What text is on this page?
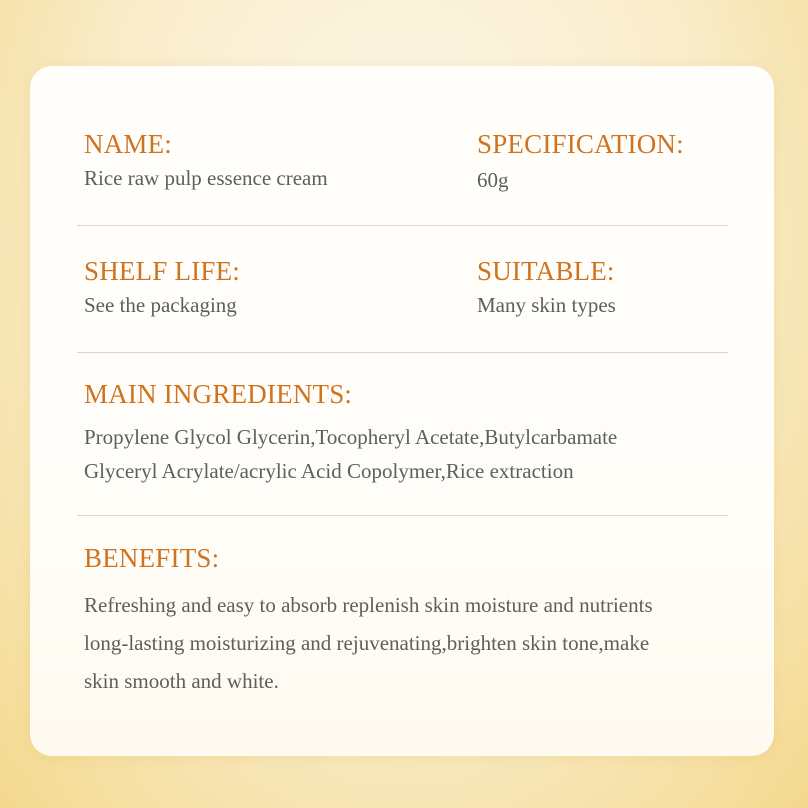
NAME:
Rice raw pulp essence cream
SPECIFICATION:
60g
SHELF LIFE:
See the packaging
SUITABLE:
Many skin types
MAIN INGREDIENTS:
Propylene Glycol Glycerin,Tocopheryl Acetate,Butylcarbamate
Glyceryl Acrylate/acrylic Acid Copolymer,Rice extraction
BENEFITS:
Refreshing and easy to absorb replenish skin moisture and nutrients
long-lasting moisturizing and rejuvenating,brighten skin tone,make
skin smooth and white.
